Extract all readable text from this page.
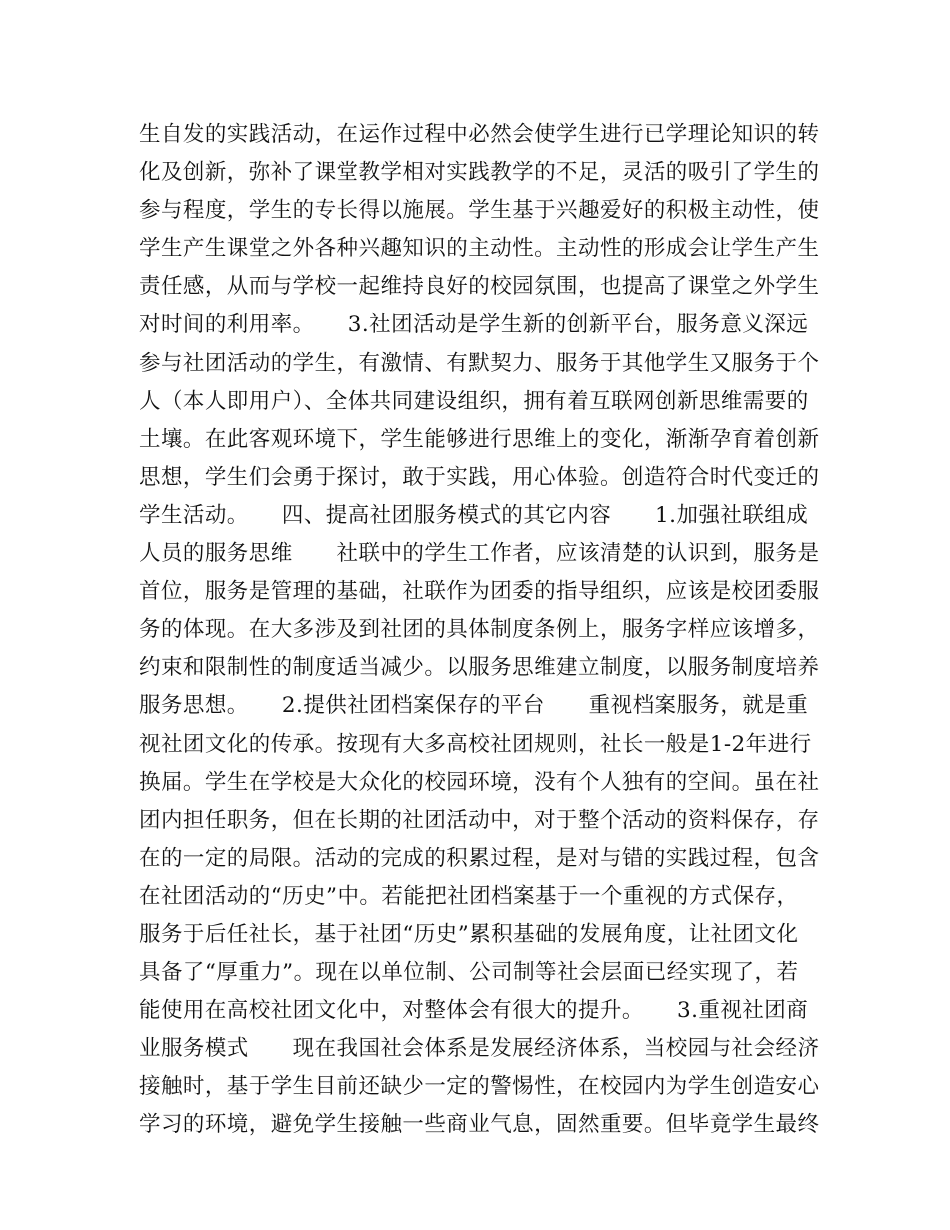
生自发的实践活动，在运作过程中必然会使学生进行已学理论知识的转
化及创新，弥补了课堂教学相对实践教学的不足，灵活的吸引了学生的
参与程度，学生的专长得以施展。学生基于兴趣爱好的积极主动性，使
学生产生课堂之外各种兴趣知识的主动性。主动性的形成会让学生产生
责任感，从而与学校一起维持良好的校园氛围，也提高了课堂之外学生
对时间的利用率。　　3.社团活动是学生新的创新平台，服务意义深远
参与社团活动的学生，有激情、有默契力、服务于其他学生又服务于个
人（本人即用户）、全体共同建设组织，拥有着互联网创新思维需要的
土壤。在此客观环境下，学生能够进行思维上的变化，渐渐孕育着创新
思想，学生们会勇于探讨，敢于实践，用心体验。创造符合时代变迁的
学生活动。　　四、提高社团服务模式的其它内容　　1.加强社联组成
人员的服务思维　　社联中的学生工作者，应该清楚的认识到，服务是
首位，服务是管理的基础，社联作为团委的指导组织，应该是校团委服
务的体现。在大多涉及到社团的具体制度条例上，服务字样应该增多，
约束和限制性的制度适当减少。以服务思维建立制度，以服务制度培养
服务思想。　　2.提供社团档案保存的平台　　重视档案服务，就是重
视社团文化的传承。按现有大多高校社团规则，社长一般是1-2年进行
换届。学生在学校是大众化的校园环境，没有个人独有的空间。虽在社
团内担任职务，但在长期的社团活动中，对于整个活动的资料保存，存
在的一定的局限。活动的完成的积累过程，是对与错的实践过程，包含
在社团活动的“历史”中。若能把社团档案基于一个重视的方式保存，
服务于后任社长，基于社团“历史”累积基础的发展角度，让社团文化
具备了“厚重力”。现在以单位制、公司制等社会层面已经实现了，若
能使用在高校社团文化中，对整体会有很大的提升。　　3.重视社团商
业服务模式　　现在我国社会体系是发展经济体系，当校园与社会经济
接触时，基于学生目前还缺少一定的警惕性，在校园内为学生创造安心
学习的环境，避免学生接触一些商业气息，固然重要。但毕竟学生最终
